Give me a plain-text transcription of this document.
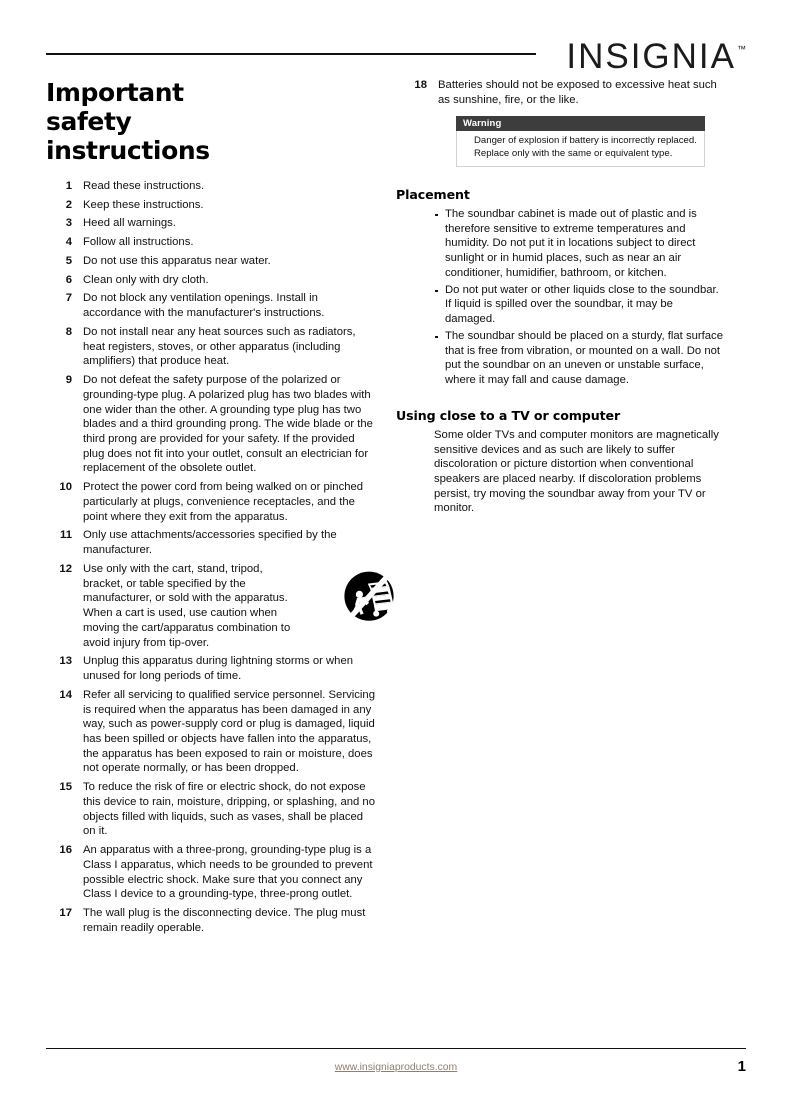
INSIGNIA™
Important safety instructions
1 Read these instructions.
2 Keep these instructions.
3 Heed all warnings.
4 Follow all instructions.
5 Do not use this apparatus near water.
6 Clean only with dry cloth.
7 Do not block any ventilation openings. Install in accordance with the manufacturer's instructions.
8 Do not install near any heat sources such as radiators, heat registers, stoves, or other apparatus (including amplifiers) that produce heat.
9 Do not defeat the safety purpose of the polarized or grounding-type plug. A polarized plug has two blades with one wider than the other. A grounding type plug has two blades and a third grounding prong. The wide blade or the third prong are provided for your safety. If the provided plug does not fit into your outlet, consult an electrician for replacement of the obsolete outlet.
10 Protect the power cord from being walked on or pinched particularly at plugs, convenience receptacles, and the point where they exit from the apparatus.
11 Only use attachments/accessories specified by the manufacturer.
12 Use only with the cart, stand, tripod, bracket, or table specified by the manufacturer, or sold with the apparatus. When a cart is used, use caution when moving the cart/apparatus combination to avoid injury from tip-over.
13 Unplug this apparatus during lightning storms or when unused for long periods of time.
14 Refer all servicing to qualified service personnel. Servicing is required when the apparatus has been damaged in any way, such as power-supply cord or plug is damaged, liquid has been spilled or objects have fallen into the apparatus, the apparatus has been exposed to rain or moisture, does not operate normally, or has been dropped.
15 To reduce the risk of fire or electric shock, do not expose this device to rain, moisture, dripping, or splashing, and no objects filled with liquids, such as vases, shall be placed on it.
16 An apparatus with a three-prong, grounding-type plug is a Class I apparatus, which needs to be grounded to prevent possible electric shock. Make sure that you connect any Class I device to a grounding-type, three-prong outlet.
17 The wall plug is the disconnecting device. The plug must remain readily operable.
18 Batteries should not be exposed to excessive heat such as sunshine, fire, or the like.
Warning

Danger of explosion if battery is incorrectly replaced.

Replace only with the same or equivalent type.

Placement
The soundbar cabinet is made out of plastic and is therefore sensitive to extreme temperatures and humidity. Do not put it in locations subject to direct sunlight or in humid places, such as near an air conditioner, humidifier, bathroom, or kitchen.
Do not put water or other liquids close to the soundbar. If liquid is spilled over the soundbar, it may be damaged.
The soundbar should be placed on a sturdy, flat surface that is free from vibration, or mounted on a wall. Do not put the soundbar on an uneven or unstable surface, where it may fall and cause damage.
Using close to a TV or computer

Some older TVs and computer monitors are magnetically sensitive devices and as such are likely to suffer discoloration or picture distortion when conventional speakers are placed nearby. If discoloration problems persist, try moving the soundbar away from your TV or monitor.

www.insigniaproducts.com	1
